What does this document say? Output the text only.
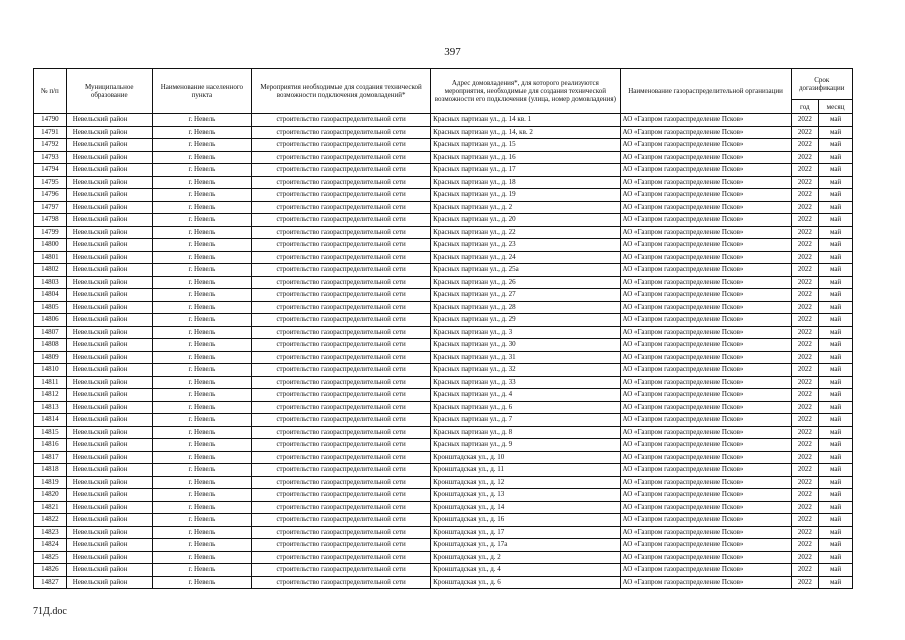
397
№ п/п	Муниципальное образование	Наименование населенного пункта	Мероприятия необходимые для создания технической возможности подключения домовладений*	Адрес домовладения*, для которого реализуются мероприятия, необходимые для создания технической возможности его подключения (улица, номер домовладения)	Наименование газораспределительной организации	Срок догазификации	
						год	месяц
14790	Невельский район	г. Невель	строительство газораспределительной сети	Красных партизан ул., д. 14 кв. 1	АО «Газпром газораспределение Псков»	2022	май
14791	Невельский район	г. Невель	строительство газораспределительной сети	Красных партизан ул., д. 14, кв. 2	АО «Газпром газораспределение Псков»	2022	май
14792	Невельский район	г. Невель	строительство газораспределительной сети	Красных партизан ул., д. 15	АО «Газпром газораспределение Псков»	2022	май
14793	Невельский район	г. Невель	строительство газораспределительной сети	Красных партизан ул., д. 16	АО «Газпром газораспределение Псков»	2022	май
14794	Невельский район	г. Невель	строительство газораспределительной сети	Красных партизан ул., д. 17	АО «Газпром газораспределение Псков»	2022	май
14795	Невельский район	г. Невель	строительство газораспределительной сети	Красных партизан ул., д. 18	АО «Газпром газораспределение Псков»	2022	май
14796	Невельский район	г. Невель	строительство газораспределительной сети	Красных партизан ул., д. 19	АО «Газпром газораспределение Псков»	2022	май
14797	Невельский район	г. Невель	строительство газораспределительной сети	Красных партизан ул., д. 2	АО «Газпром газораспределение Псков»	2022	май
14798	Невельский район	г. Невель	строительство газораспределительной сети	Красных партизан ул., д. 20	АО «Газпром газораспределение Псков»	2022	май
14799	Невельский район	г. Невель	строительство газораспределительной сети	Красных партизан ул., д. 22	АО «Газпром газораспределение Псков»	2022	май
14800	Невельский район	г. Невель	строительство газораспределительной сети	Красных партизан ул., д. 23	АО «Газпром газораспределение Псков»	2022	май
14801	Невельский район	г. Невель	строительство газораспределительной сети	Красных партизан ул., д. 24	АО «Газпром газораспределение Псков»	2022	май
14802	Невельский район	г. Невель	строительство газораспределительной сети	Красных партизан ул., д. 25а	АО «Газпром газораспределение Псков»	2022	май
14803	Невельский район	г. Невель	строительство газораспределительной сети	Красных партизан ул., д. 26	АО «Газпром газораспределение Псков»	2022	май
14804	Невельский район	г. Невель	строительство газораспределительной сети	Красных партизан ул., д. 27	АО «Газпром газораспределение Псков»	2022	май
14805	Невельский район	г. Невель	строительство газораспределительной сети	Красных партизан ул., д. 28	АО «Газпром газораспределение Псков»	2022	май
14806	Невельский район	г. Невель	строительство газораспределительной сети	Красных партизан ул., д. 29	АО «Газпром газораспределение Псков»	2022	май
14807	Невельский район	г. Невель	строительство газораспределительной сети	Красных партизан ул., д. 3	АО «Газпром газораспределение Псков»	2022	май
14808	Невельский район	г. Невель	строительство газораспределительной сети	Красных партизан ул., д. 30	АО «Газпром газораспределение Псков»	2022	май
14809	Невельский район	г. Невель	строительство газораспределительной сети	Красных партизан ул., д. 31	АО «Газпром газораспределение Псков»	2022	май
14810	Невельский район	г. Невель	строительство газораспределительной сети	Красных партизан ул., д. 32	АО «Газпром газораспределение Псков»	2022	май
14811	Невельский район	г. Невель	строительство газораспределительной сети	Красных партизан ул., д. 33	АО «Газпром газораспределение Псков»	2022	май
14812	Невельский район	г. Невель	строительство газораспределительной сети	Красных партизан ул., д. 4	АО «Газпром газораспределение Псков»	2022	май
14813	Невельский район	г. Невель	строительство газораспределительной сети	Красных партизан ул., д. 6	АО «Газпром газораспределение Псков»	2022	май
14814	Невельский район	г. Невель	строительство газораспределительной сети	Красных партизан ул., д. 7	АО «Газпром газораспределение Псков»	2022	май
14815	Невельский район	г. Невель	строительство газораспределительной сети	Красных партизан ул., д. 8	АО «Газпром газораспределение Псков»	2022	май
14816	Невельский район	г. Невель	строительство газораспределительной сети	Красных партизан ул., д. 9	АО «Газпром газораспределение Псков»	2022	май
14817	Невельский район	г. Невель	строительство газораспределительной сети	Кронштадская ул., д. 10	АО «Газпром газораспределение Псков»	2022	май
14818	Невельский район	г. Невель	строительство газораспределительной сети	Кронштадская ул., д. 11	АО «Газпром газораспределение Псков»	2022	май
14819	Невельский район	г. Невель	строительство газораспределительной сети	Кронштадская ул., д. 12	АО «Газпром газораспределение Псков»	2022	май
14820	Невельский район	г. Невель	строительство газораспределительной сети	Кронштадская ул., д. 13	АО «Газпром газораспределение Псков»	2022	май
14821	Невельский район	г. Невель	строительство газораспределительной сети	Кронштадская ул., д. 14	АО «Газпром газораспределение Псков»	2022	май
14822	Невельский район	г. Невель	строительство газораспределительной сети	Кронштадская ул., д. 16	АО «Газпром газораспределение Псков»	2022	май
14823	Невельский район	г. Невель	строительство газораспределительной сети	Кронштадская ул., д. 17	АО «Газпром газораспределение Псков»	2022	май
14824	Невельский район	г. Невель	строительство газораспределительной сети	Кронштадская ул., д. 17а	АО «Газпром газораспределение Псков»	2022	май
14825	Невельский район	г. Невель	строительство газораспределительной сети	Кронштадская ул., д. 2	АО «Газпром газораспределение Псков»	2022	май
14826	Невельский район	г. Невель	строительство газораспределительной сети	Кронштадская ул., д. 4	АО «Газпром газораспределение Псков»	2022	май
14827	Невельский район	г. Невель	строительство газораспределительной сети	Кронштадская ул., д. 6	АО «Газпром газораспределение Псков»	2022	май
71Д.doc
